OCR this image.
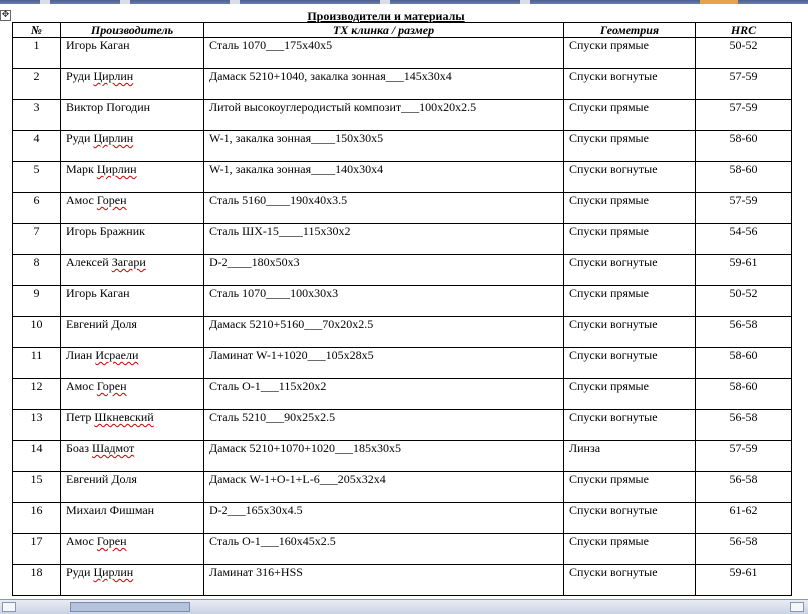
✥	Производители и материалы
№	Производитель	ТХ клинка / размер	Геометрия	HRC
1	Игорь Каган	Сталь 1070___175x40x5	Спуски прямые	50-52
2	Руди Цирлин	Дамаск 5210+1040, закалка зонная___145x30x4	Спуски вогнутые	57-59
3	Виктор Погодин	Литой высокоуглеродистый композит___100x20x2.5	Спуски прямые	57-59
4	Руди Цирлин	W-1, закалка зонная____150x30x5	Спуски прямые	58-60
5	Марк Цирлин	W-1, закалка зонная____140x30x4	Спуски вогнутые	58-60
6	Амос Горен	Сталь 5160____190x40x3.5	Спуски прямые	57-59
7	Игорь Бражник	Сталь ШХ-15____115x30x2	Спуски прямые	54-56
8	Алексей Загари	D-2____180x50x3	Спуски вогнутые	59-61
9	Игорь Каган	Сталь 1070____100x30x3	Спуски прямые	50-52
10	Евгений Доля	Дамаск 5210+5160___70x20x2.5	Спуски вогнутые	56-58
11	Лиан Исраели	Ламинат W-1+1020___105x28x5	Спуски вогнутые	58-60
12	Амос Горен	Сталь O-1___115x20x2	Спуски прямые	58-60
13	Петр Шкневский	Сталь 5210___90x25x2.5	Спуски вогнутые	56-58
14	Боаз Шадмот	Дамаск 5210+1070+1020___185x30x5	Линза	57-59
15	Евгений Доля	Дамаск W-1+O-1+L-6___205x32x4	Спуски прямые	56-58
16	Михаил Фишман	D-2___165x30x4.5	Спуски вогнутые	61-62
17	Амос Горен	Сталь O-1___160x45x2.5	Спуски прямые	56-58
18	Руди Цирлин	Ламинат 316+HSS	Спуски вогнутые	59-61
